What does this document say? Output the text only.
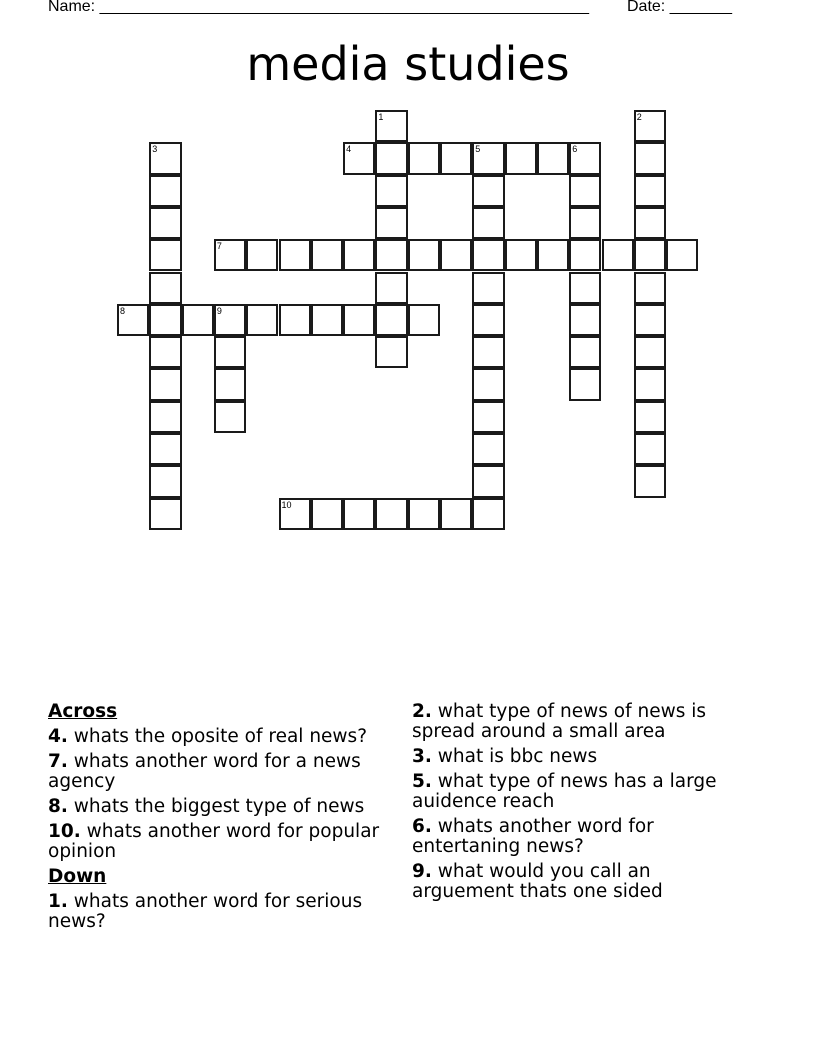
Name: _______________________________________________________ Date: _______
media studies
1	2
3	4	5	6
7
8	9
10
Across
4. whats the oposite of real news?
7. whats another word for a news agency
8. whats the biggest type of news
10. whats another word for popular opinion
Down
1. whats another word for serious news?
2. what type of news of news is spread around a small area
3. what is bbc news
5. what type of news has a large auidence reach
6. whats another word for entertaning news?
9. what would you call an arguement thats one sided
